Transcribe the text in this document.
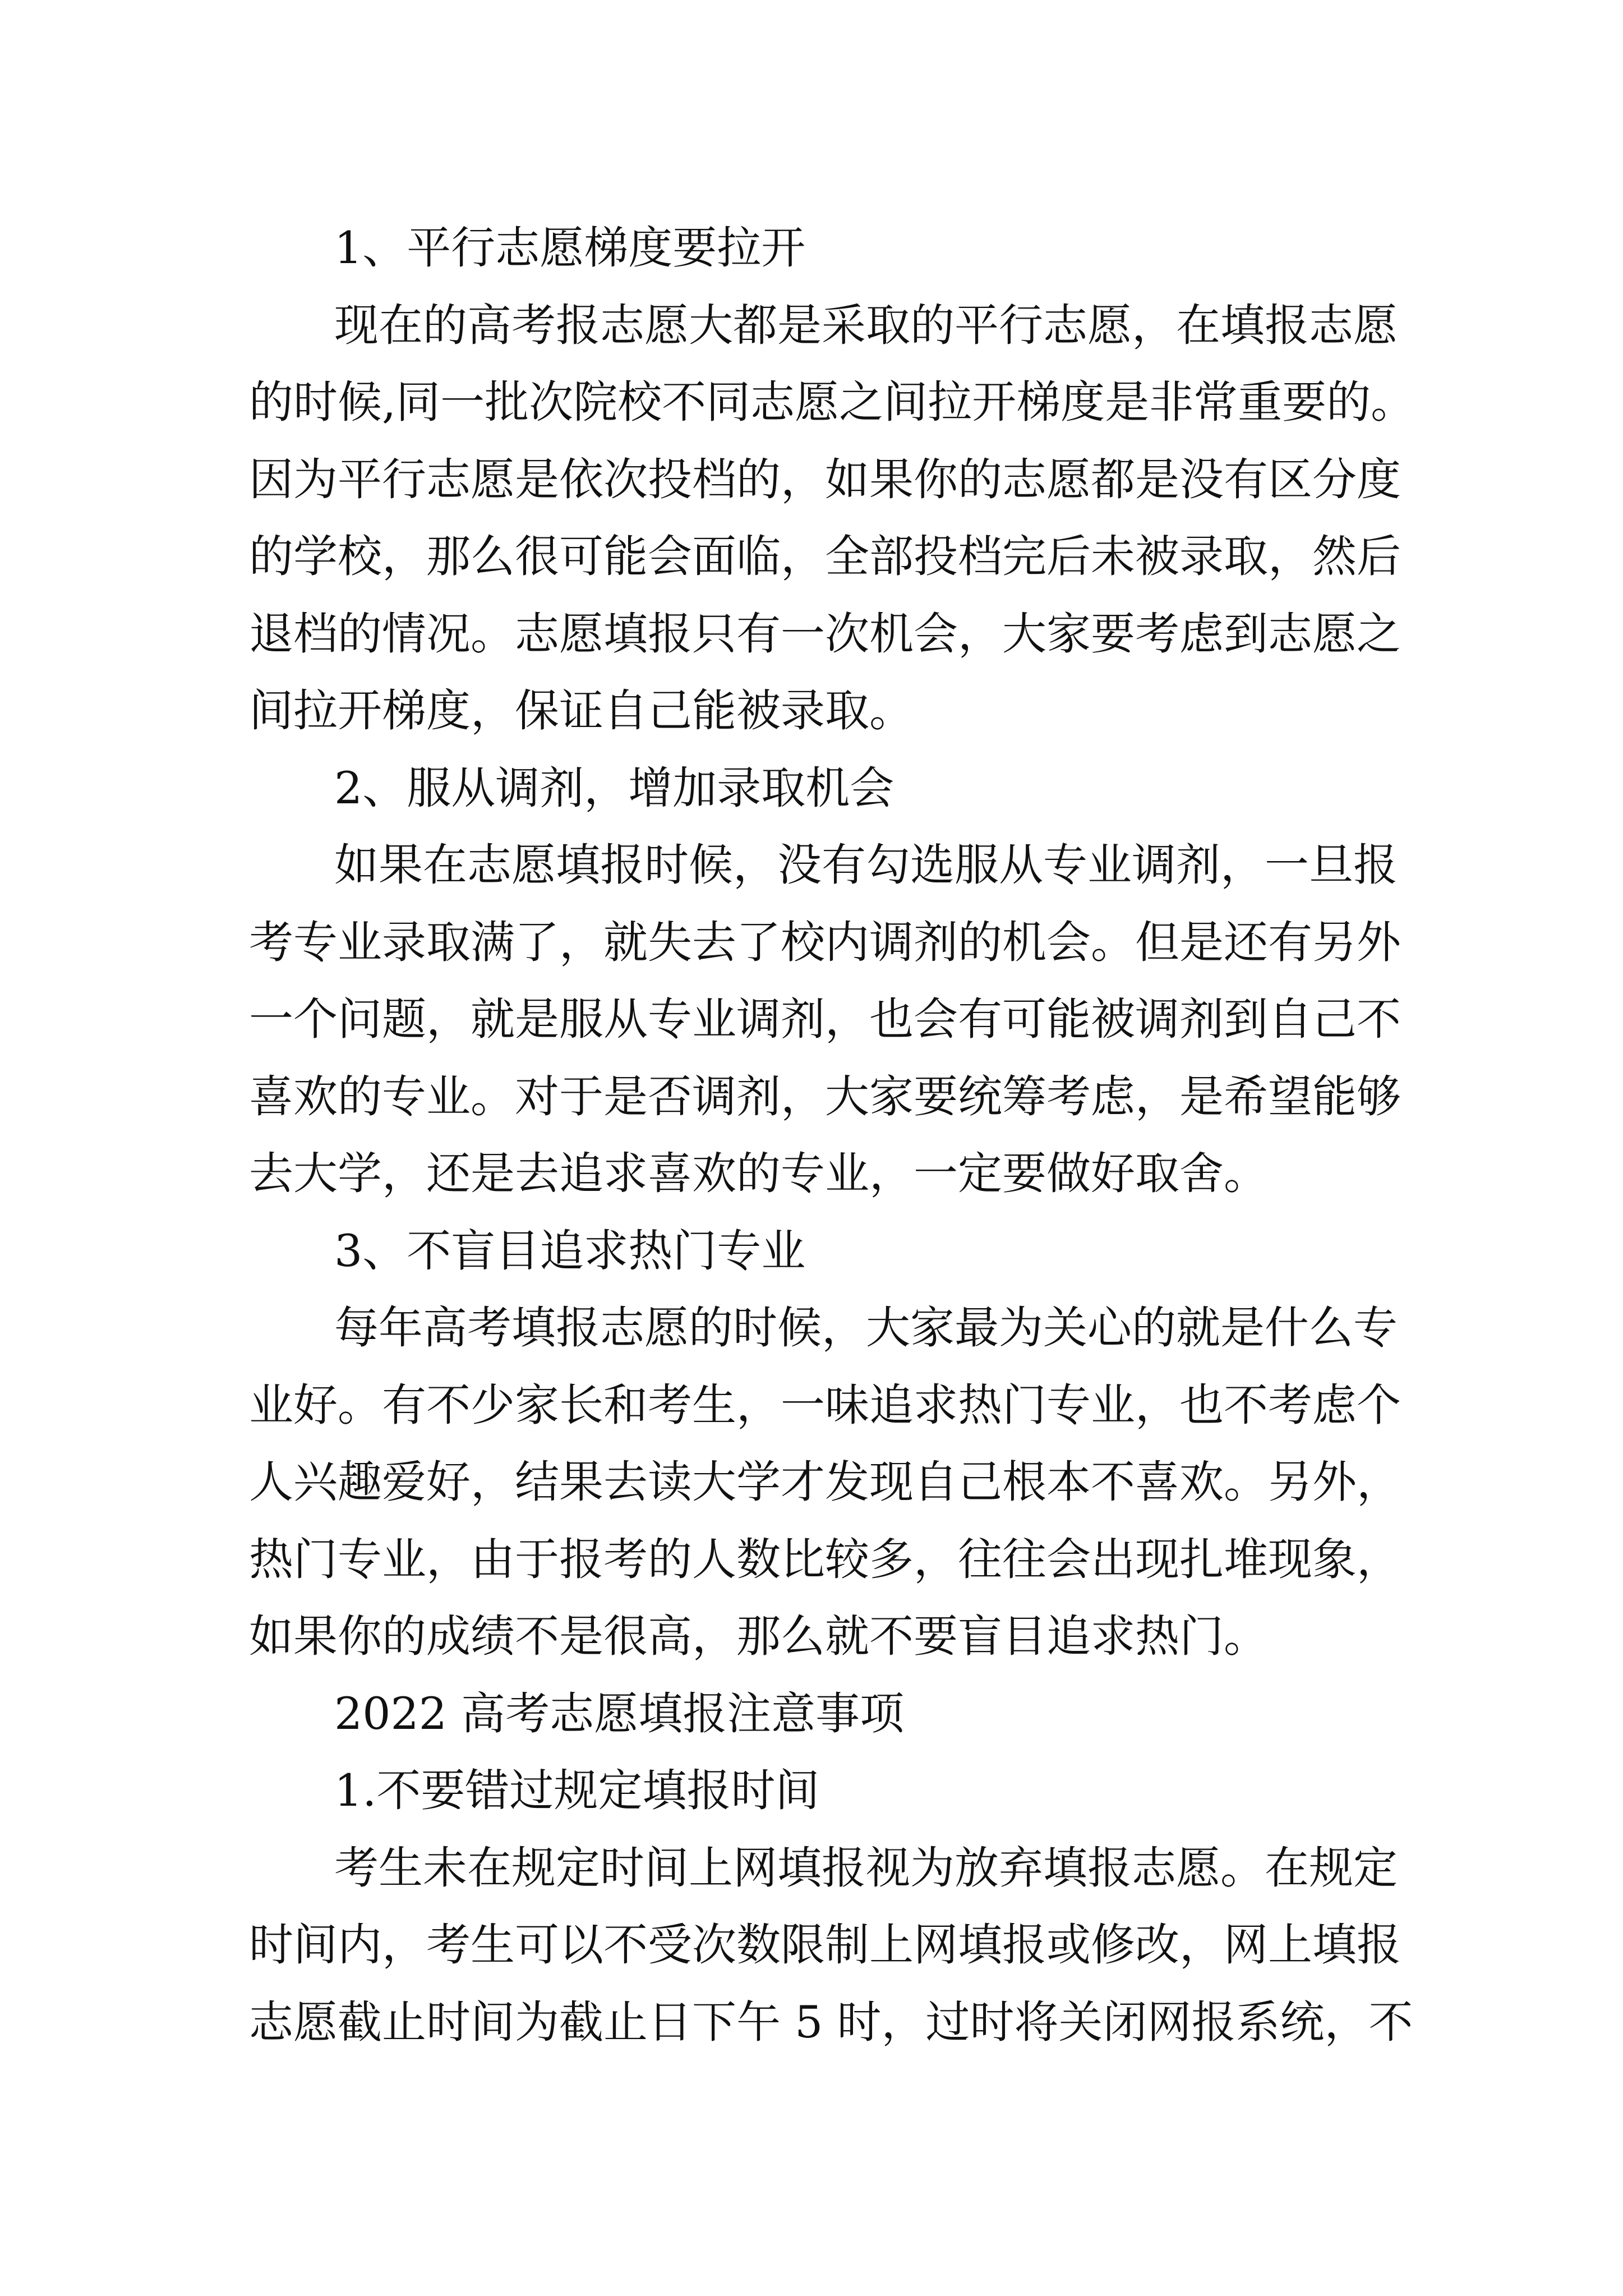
1、平行志愿梯度要拉开

现在的高考报志愿大都是采取的平行志愿，在填报志愿

的时候,同一批次院校不同志愿之间拉开梯度是非常重要的。

因为平行志愿是依次投档的，如果你的志愿都是没有区分度

的学校，那么很可能会面临，全部投档完后未被录取，然后

退档的情况。志愿填报只有一次机会，大家要考虑到志愿之

间拉开梯度，保证自己能被录取。

2、服从调剂，增加录取机会

如果在志愿填报时候，没有勾选服从专业调剂，一旦报

考专业录取满了，就失去了校内调剂的机会。但是还有另外

一个问题，就是服从专业调剂，也会有可能被调剂到自己不

喜欢的专业。对于是否调剂，大家要统筹考虑，是希望能够

去大学，还是去追求喜欢的专业，一定要做好取舍。

3、不盲目追求热门专业

每年高考填报志愿的时候，大家最为关心的就是什么专

业好。有不少家长和考生，一味追求热门专业，也不考虑个

人兴趣爱好，结果去读大学才发现自己根本不喜欢。另外，

热门专业，由于报考的人数比较多，往往会出现扎堆现象，

如果你的成绩不是很高，那么就不要盲目追求热门。

2022 高考志愿填报注意事项

1.不要错过规定填报时间

考生未在规定时间上网填报视为放弃填报志愿。在规定

时间内，考生可以不受次数限制上网填报或修改，网上填报

志愿截止时间为截止日下午 5 时，过时将关闭网报系统，不
